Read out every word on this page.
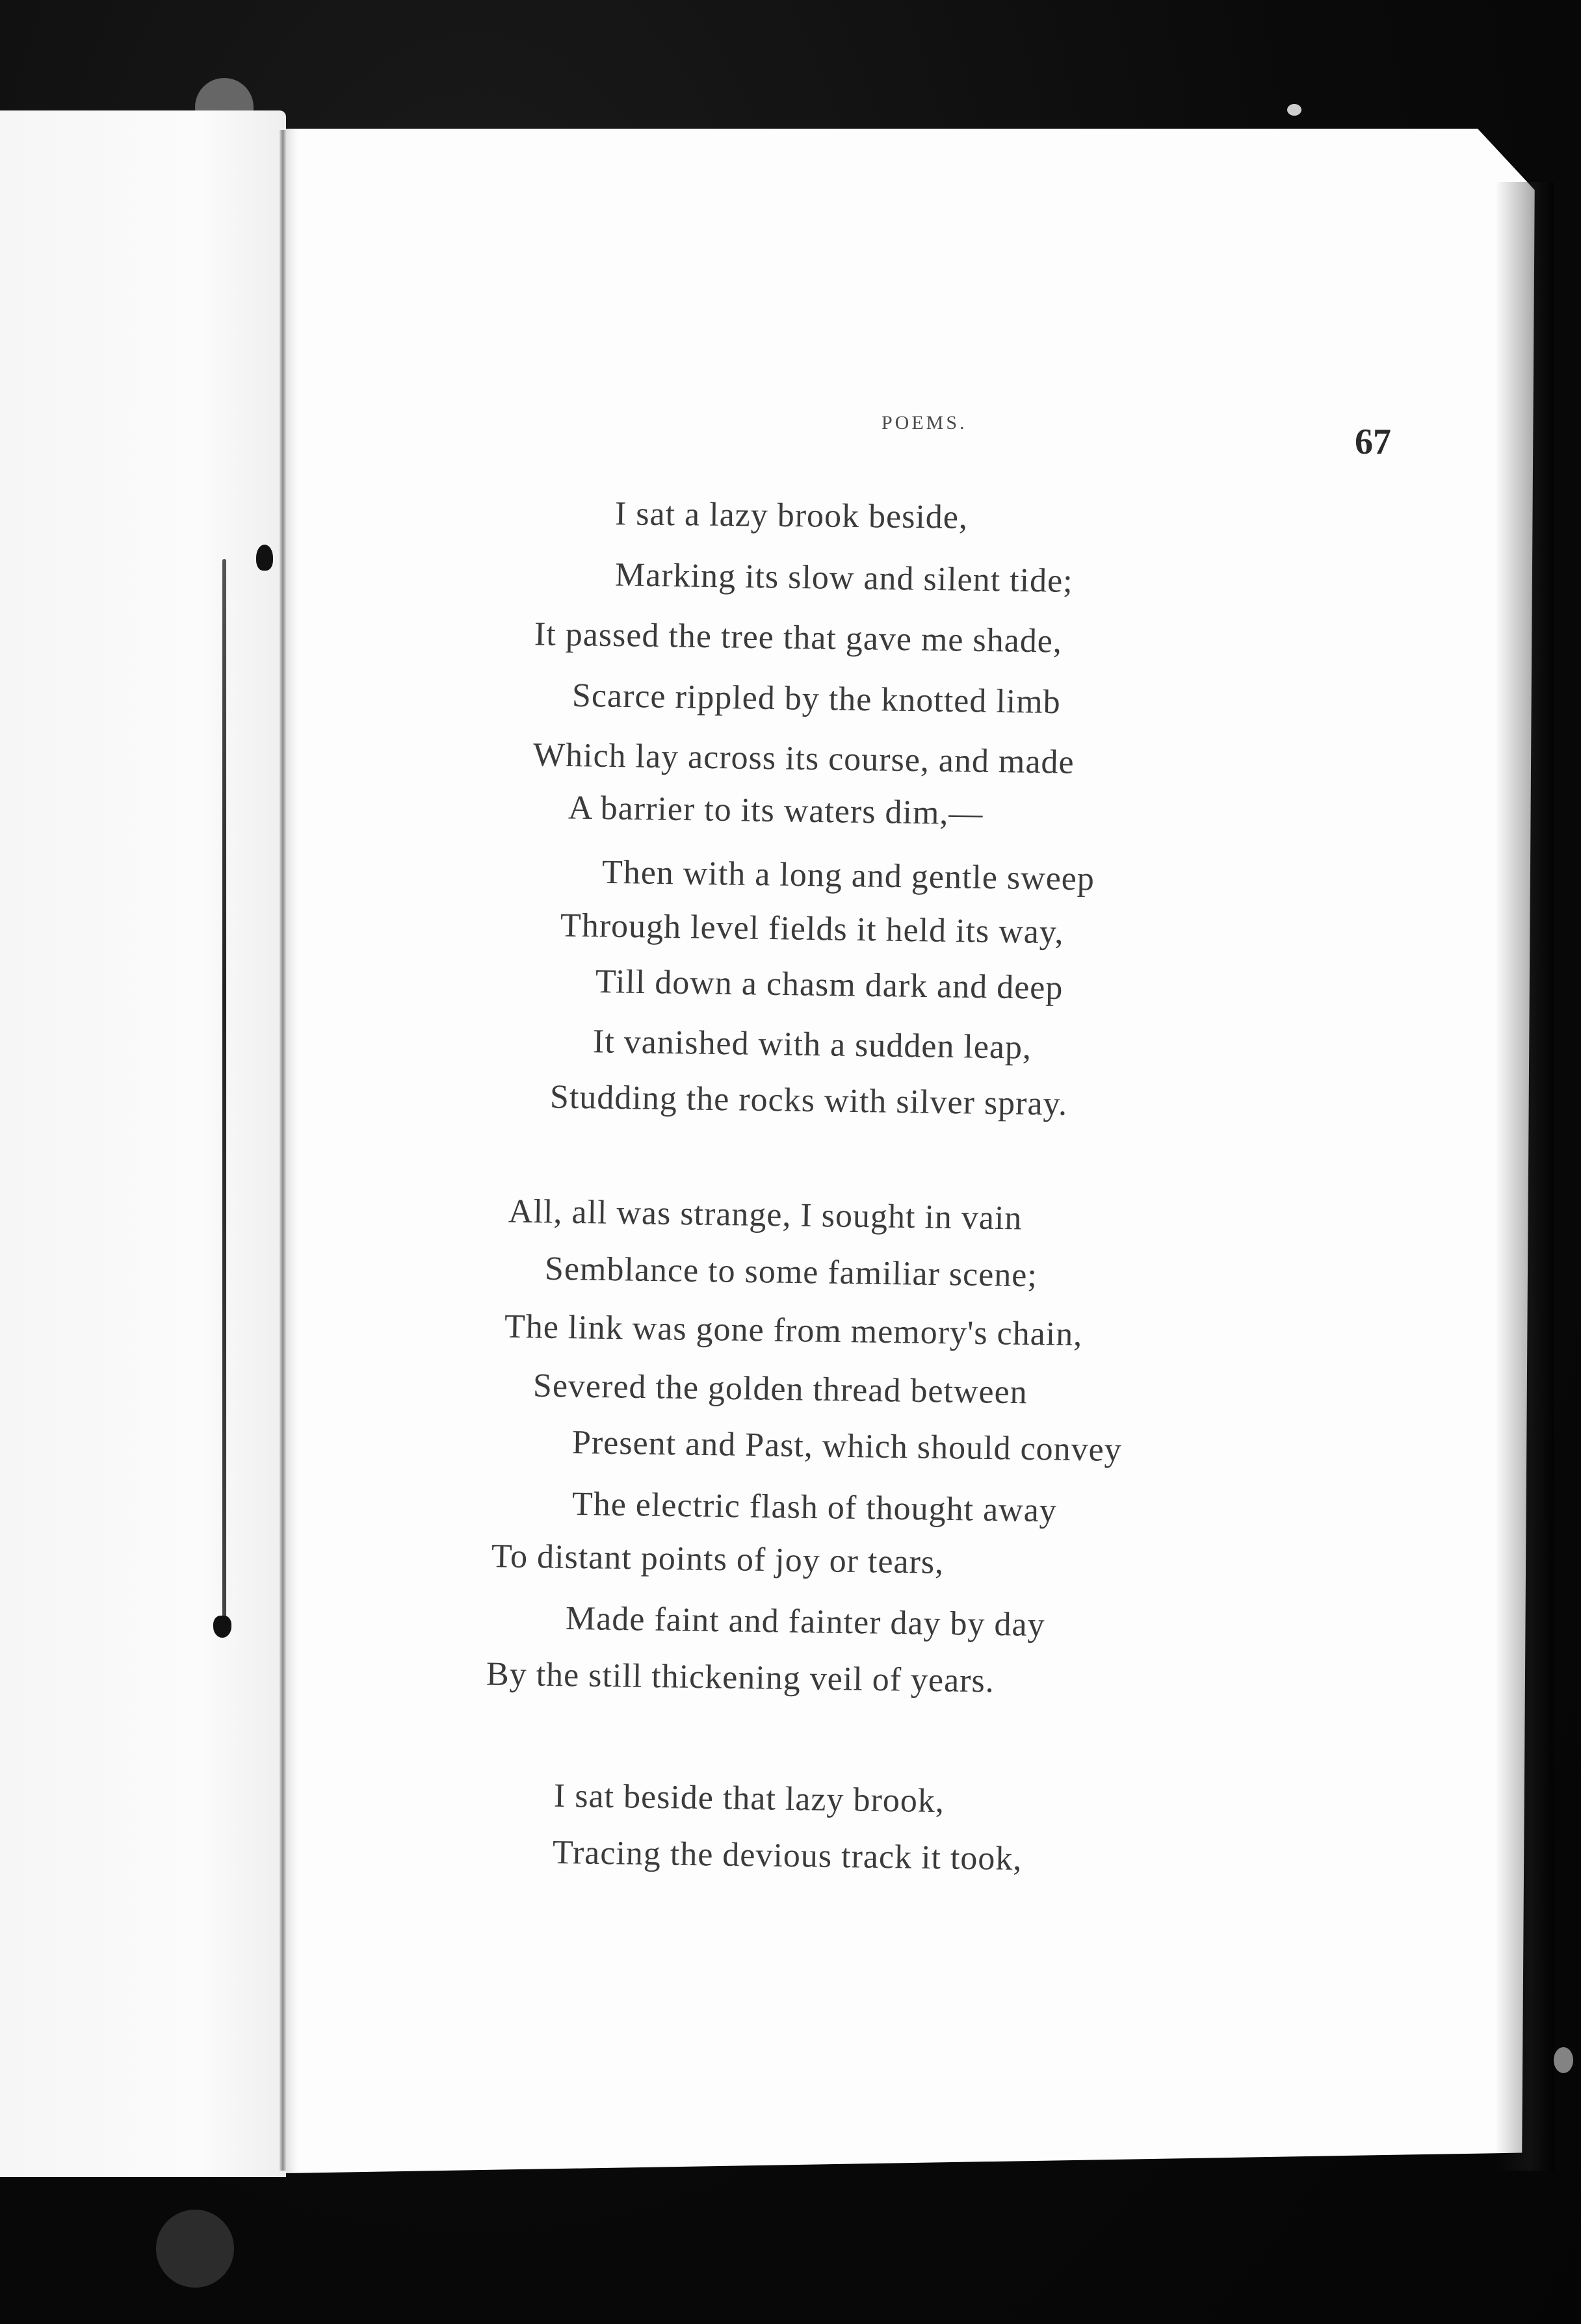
POEMS.	67
I sat a lazy brook beside,
Marking its slow and silent tide;
It passed the tree that gave me shade,
Scarce rippled by the knotted limb
Which lay across its course, and made
A barrier to its waters dim,—
Then with a long and gentle sweep
Through level fields it held its way,
Till down a chasm dark and deep
It vanished with a sudden leap,
Studding the rocks with silver spray.
All, all was strange, I sought in vain
Semblance to some familiar scene;
The link was gone from memory's chain,
Severed the golden thread between
Present and Past, which should convey
The electric flash of thought away
To distant points of joy or tears,
Made faint and fainter day by day
By the still thickening veil of years.
I sat beside that lazy brook,
Tracing the devious track it took,
